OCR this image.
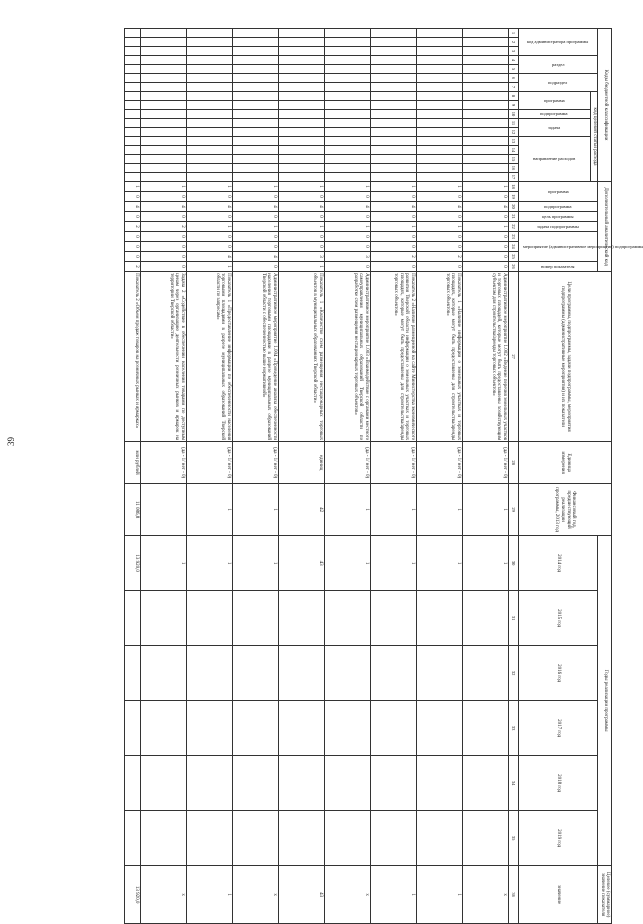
39
Коды бюджетной классификации																	Дополнительный аналитический код									Цели программы, подпрограммы, задачи подпрограммы, мероприятия подпрограммы (административные мероприятия) и их показатели	Единица измерения	Финансовый год, предшествующий реализации программы, 2013 год	Годы реализации программы						Целевое (суммарное) значение показателя

код администратора программы			раздел		подраздел		код целевой статьи расхода										программа		подпрограмма	цель программы	задача подпрограммы	мероприятие (административное мероприятие) подпрограммы			номер показателя				2014 год	2015 год	2016 год	2017 год	2018 год	2019 год	значение

							программа		подпрограмма	задача		направление расходов																							

1	2	3	4	5	6	7	8	9	10	11	12	13	14	15	16	17	18	19	20	21	22	23	24	25	26	27	28	29	30	31	32	33	34	35	36
																	1	0	4	0	1	0	0	0	0	Административное мероприятие 1.002 «Ведение перечня земельных участков и торговых площадей, которые могут быть предоставлены хозяйствующим субъектам для строительства/аренды торговых объектов»	(да - 1/ нет - 0)	1	1						х
																	1	0	4	0	1	0	0	2	0	Показатель 1 «Наличие информации о земельных участках и торговых площадях, которые могут быть предоставлены для строительства/аренды торговых объектов»	(да - 1/ нет - 0)	1	1						1
																	1	0	4	0	1	0	0	2	0	Показатель 2 «Наличие размещенной на сайте Министерства экономического развития Тверской области информации о земельных участках и торговых площадях, которые могут быть предоставлены для строительства/аренды торговых объектов»	(да - 1/ нет - 0)	1	1						1
																	1	0	4	0	1	0	0	3	0	Административное мероприятие 1.003 «Взаимодействие с органами местного самоуправления муниципальных образований Тверской области по разработке схем размещения нестационарных торговых объектов»	(да - 1/ нет - 0)	1	1						х
																	1	0	4	0	1	0	0	3	1	Показатель 1 «Количество схем размещения нестационарных торговых объектов в муниципальных образованиях Тверской области»	единиц	42	43						43
																	1	0	4	0	1	0	0	4	0	Административное мероприятие 1.004 «Проведение анализа обеспеченности населения торговыми площадями в разрезе муниципальных образований Тверской области с обеспеченностью выше нормативной»	(да - 1/ нет - 0)	1	1						х
																	1	0	4	0	1	0	0	4	1	Показатель 1 «Предоставление информации по обеспеченности населения торговыми площадями в разрезе муниципальных образований Тверской области по запросам»	(да - 1/ нет - 0)	1	1						1
																	1	0	4	0	2	0	0	0	0	Задача 2 «Содействие в обеспечении населения товарами по доступным ценам через организацию деятельности розничных рынков и ярмарок на территории Тверской области»	(да - 1/ нет - 0)		1						х
																	1	0	4	0	2	0	0	0	2	Показатель 2 «Объем продаж товаров на розничных рынках и ярмарках»	млн рублей	11 086,8	13 920,0						13 920,0
